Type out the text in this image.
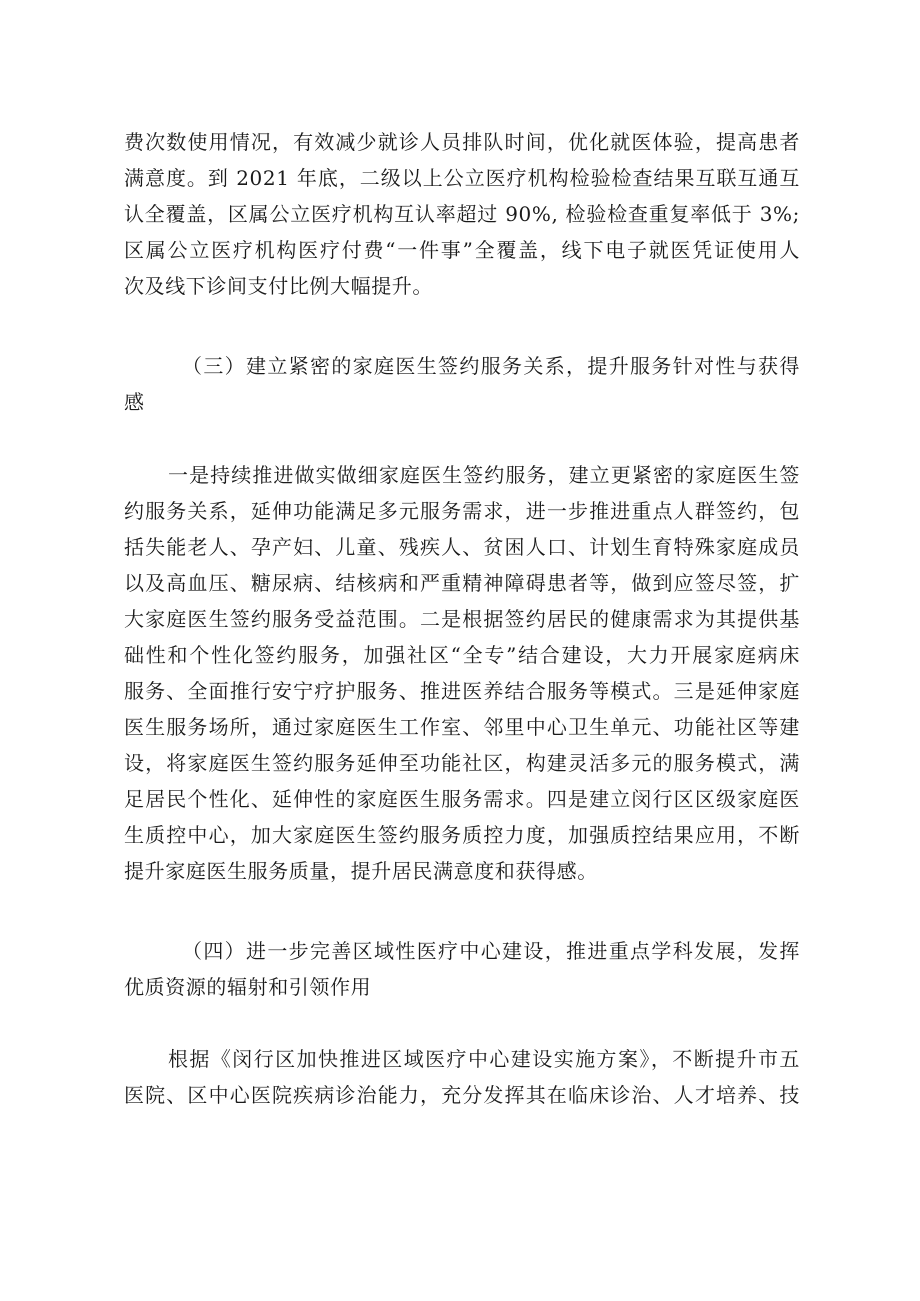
费次数使用情况，有效减少就诊人员排队时间，优化就医体验，提高患者
满意度。到 2021 年底，二级以上公立医疗机构检验检查结果互联互通互
认全覆盖，区属公立医疗机构互认率超过 90%, 检验检查重复率低于 3%;
区属公立医疗机构医疗付费“一件事”全覆盖，线下电子就医凭证使用人
次及线下诊间支付比例大幅提升。
（三）建立紧密的家庭医生签约服务关系，提升服务针对性与获得
感
一是持续推进做实做细家庭医生签约服务，建立更紧密的家庭医生签
约服务关系，延伸功能满足多元服务需求，进一步推进重点人群签约，包
括失能老人、孕产妇、儿童、残疾人、贫困人口、计划生育特殊家庭成员
以及高血压、糖尿病、结核病和严重精神障碍患者等，做到应签尽签，扩
大家庭医生签约服务受益范围。二是根据签约居民的健康需求为其提供基
础性和个性化签约服务，加强社区“全专”结合建设，大力开展家庭病床
服务、全面推行安宁疗护服务、推进医养结合服务等模式。三是延伸家庭
医生服务场所，通过家庭医生工作室、邻里中心卫生单元、功能社区等建
设，将家庭医生签约服务延伸至功能社区，构建灵活多元的服务模式，满
足居民个性化、延伸性的家庭医生服务需求。四是建立闵行区区级家庭医
生质控中心，加大家庭医生签约服务质控力度，加强质控结果应用，不断
提升家庭医生服务质量，提升居民满意度和获得感。
（四）进一步完善区域性医疗中心建设，推进重点学科发展，发挥
优质资源的辐射和引领作用
根据《闵行区加快推进区域医疗中心建设实施方案》，不断提升市五
医院、区中心医院疾病诊治能力，充分发挥其在临床诊治、人才培养、技
